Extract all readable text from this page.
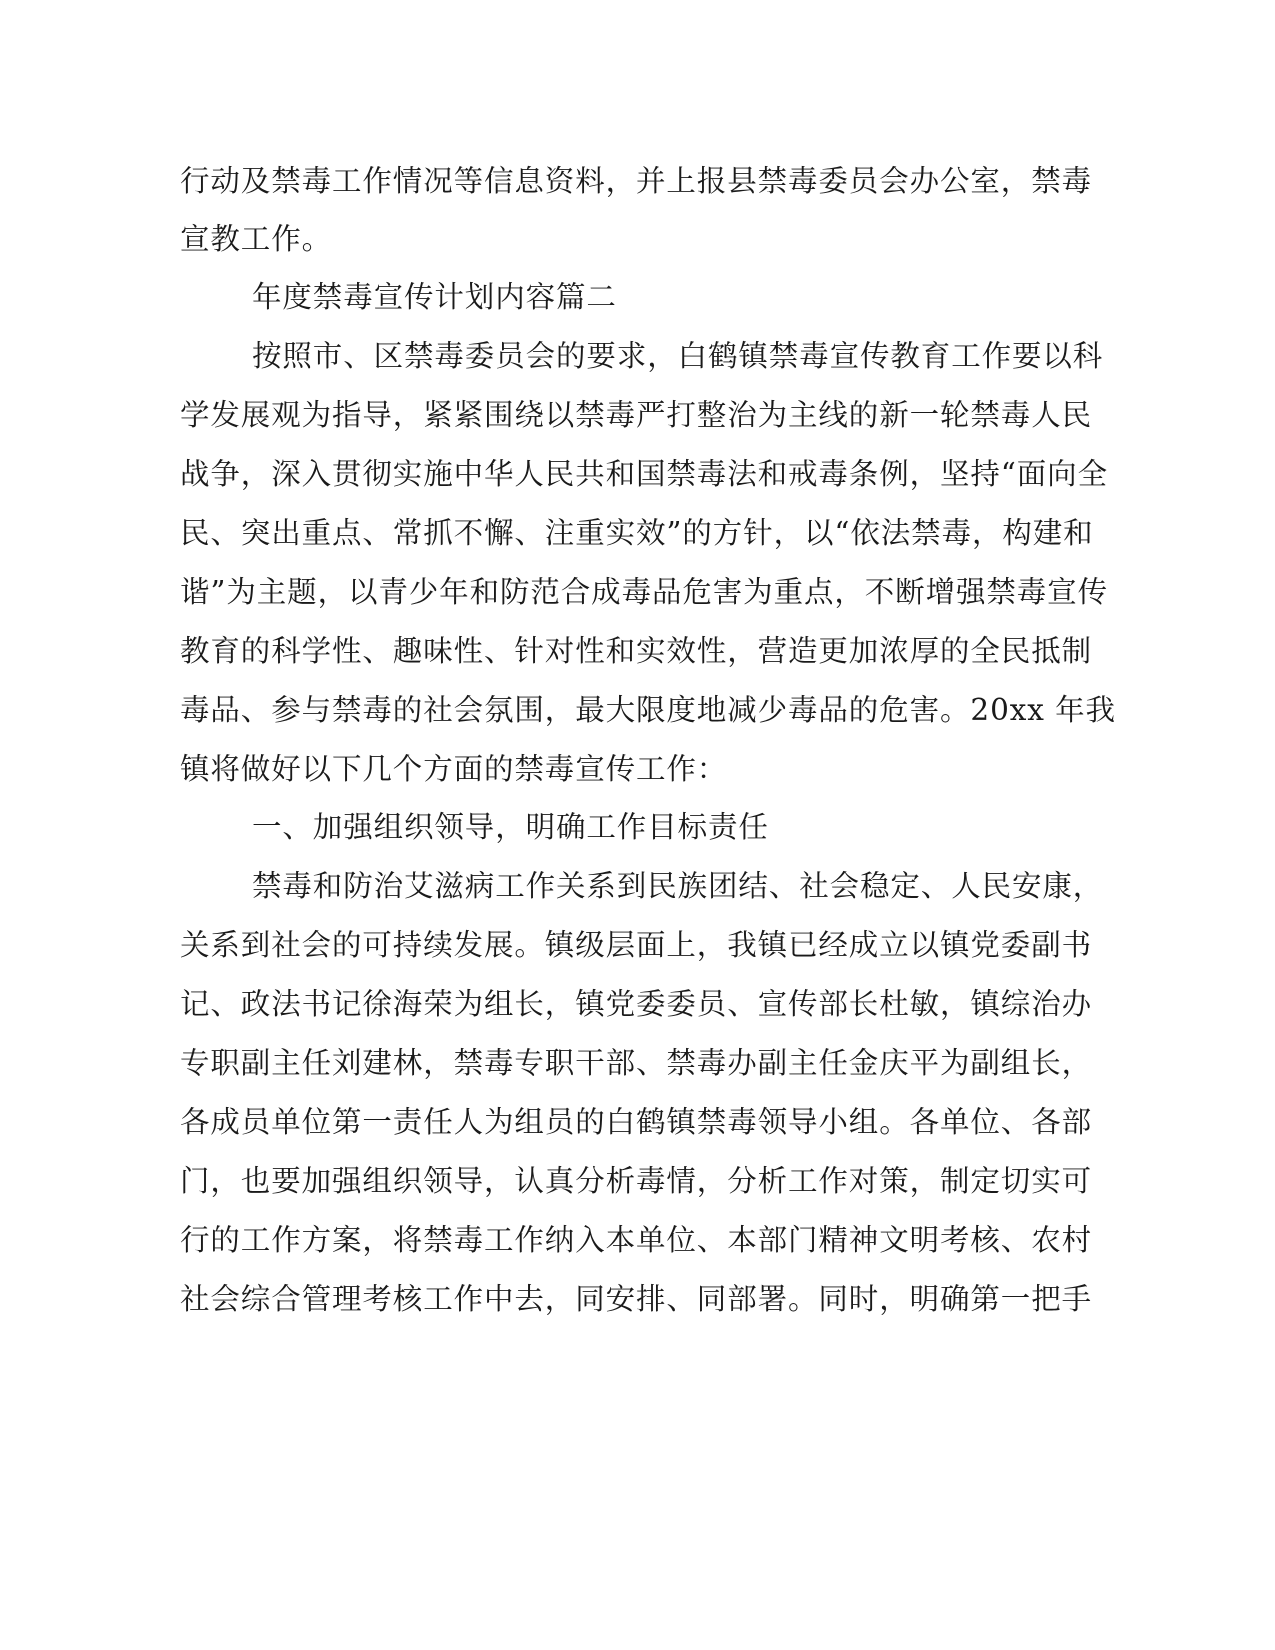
行动及禁毒工作情况等信息资料，并上报县禁毒委员会办公室，禁毒
宣教工作。
年度禁毒宣传计划内容篇二
按照市、区禁毒委员会的要求，白鹤镇禁毒宣传教育工作要以科
学发展观为指导，紧紧围绕以禁毒严打整治为主线的新一轮禁毒人民
战争，深入贯彻实施中华人民共和国禁毒法和戒毒条例，坚持“面向全
民、突出重点、常抓不懈、注重实效”的方针，以“依法禁毒，构建和
谐”为主题，以青少年和防范合成毒品危害为重点，不断增强禁毒宣传
教育的科学性、趣味性、针对性和实效性，营造更加浓厚的全民抵制
毒品、参与禁毒的社会氛围，最大限度地减少毒品的危害。20xx 年我
镇将做好以下几个方面的禁毒宣传工作：
一、加强组织领导，明确工作目标责任
禁毒和防治艾滋病工作关系到民族团结、社会稳定、人民安康，
关系到社会的可持续发展。镇级层面上，我镇已经成立以镇党委副书
记、政法书记徐海荣为组长，镇党委委员、宣传部长杜敏，镇综治办
专职副主任刘建林，禁毒专职干部、禁毒办副主任金庆平为副组长，
各成员单位第一责任人为组员的白鹤镇禁毒领导小组。各单位、各部
门，也要加强组织领导，认真分析毒情，分析工作对策，制定切实可
行的工作方案，将禁毒工作纳入本单位、本部门精神文明考核、农村
社会综合管理考核工作中去，同安排、同部署。同时，明确第一把手
